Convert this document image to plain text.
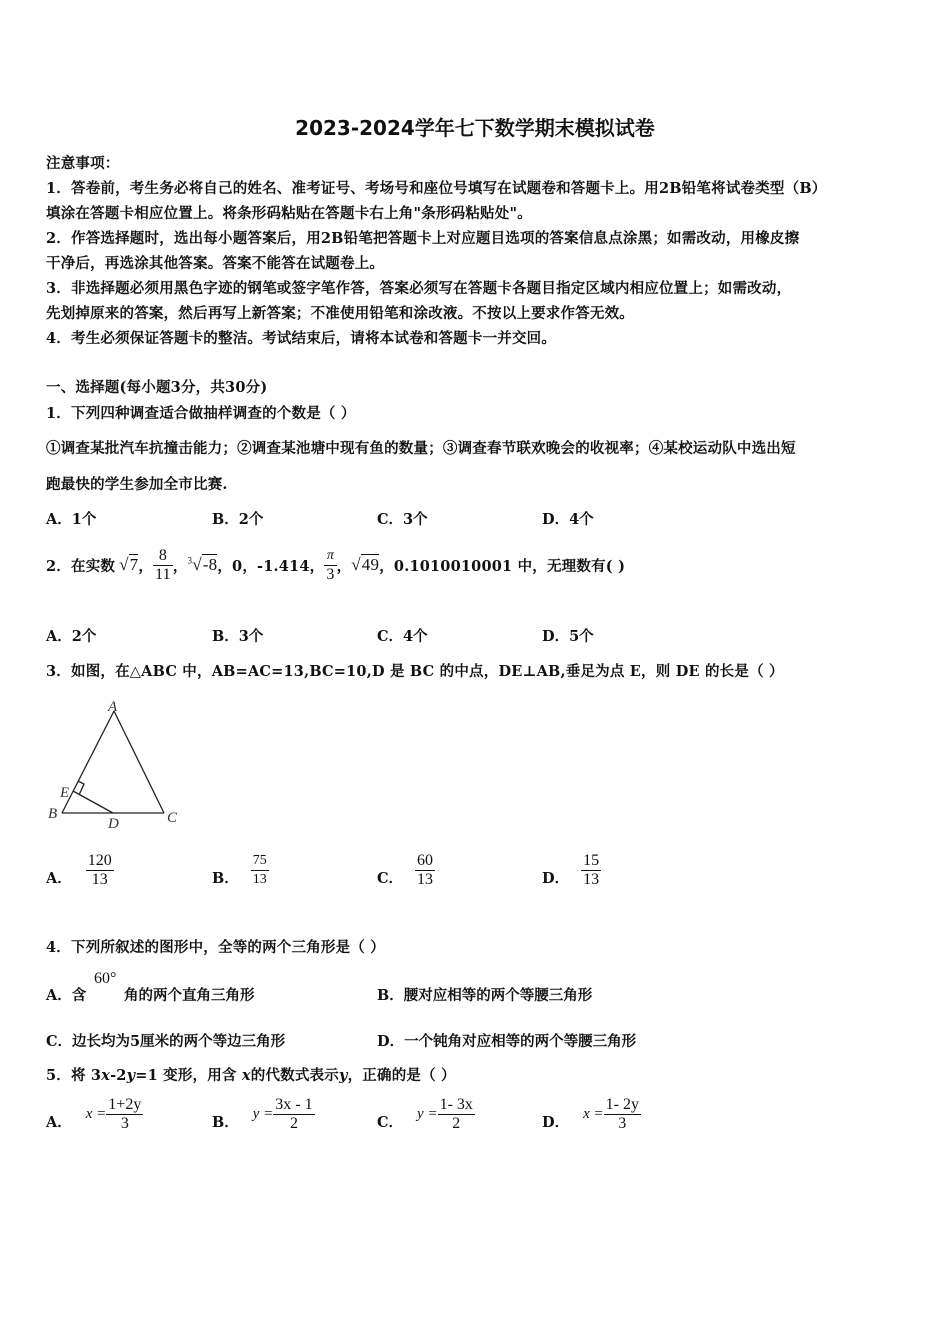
2023-2024学年七下数学期末模拟试卷
注意事项：
1．答卷前，考生务必将自己的姓名、准考证号、考场号和座位号填写在试题卷和答题卡上。用2B铅笔将试卷类型（B）
填涂在答题卡相应位置上。将条形码粘贴在答题卡右上角"条形码粘贴处"。
2．作答选择题时，选出每小题答案后，用2B铅笔把答题卡上对应题目选项的答案信息点涂黑；如需改动，用橡皮擦
干净后，再选涂其他答案。答案不能答在试题卷上。
3．非选择题必须用黑色字迹的钢笔或签字笔作答，答案必须写在答题卡各题目指定区域内相应位置上；如需改动，
先划掉原来的答案，然后再写上新答案；不准使用铅笔和涂改液。不按以上要求作答无效。
4．考生必须保证答题卡的整洁。考试结束后，请将本试卷和答题卡一并交回。
一、选择题(每小题3分，共30分)
1．下列四种调查适合做抽样调查的个数是（ ）
①调查某批汽车抗撞击能力；②调查某池塘中现有鱼的数量；③调查春节联欢晚会的收视率；④某校运动队中选出短
跑最快的学生参加全市比赛.
A．1个	B．2个	C．3个	D．4个
2．在实数 √7 ， $\frac{8}{11}$ ， $^3$√-8 ，0，-1.414， $\frac{\pi}{3}$ ， √49 ，0.1010010001 中，无理数有( )
A．2个	B．3个	C．4个	D．5个
3．如图，在△ABC 中，AB=AC=13,BC=10,D 是 BC 的中点，DE⊥AB,垂足为点 E，则 DE 的长是（ ）
A
B	C
D
E
A． $\frac{120}{13}$	B． $\frac{75}{13}$	C． $\frac{60}{13}$	D． $\frac{15}{13}$
4．下列所叙述的图形中，全等的两个三角形是（ ）
A．含
60°
角的两个直角三角形	B．腰对应相等的两个等腰三角形
C．边长均为5厘米的两个等边三角形	D．一个钝角对应相等的两个等腰三角形
5．将 3x-2y=1 变形，用含 x的代数式表示y，正确的是（ ）
A． $x = \frac{1+2y}{3}$	B． $y = \frac{3x - 1}{2}$	C． $y = \frac{1- 3x}{2}$	D． $x = \frac{1- 2y}{3}$
